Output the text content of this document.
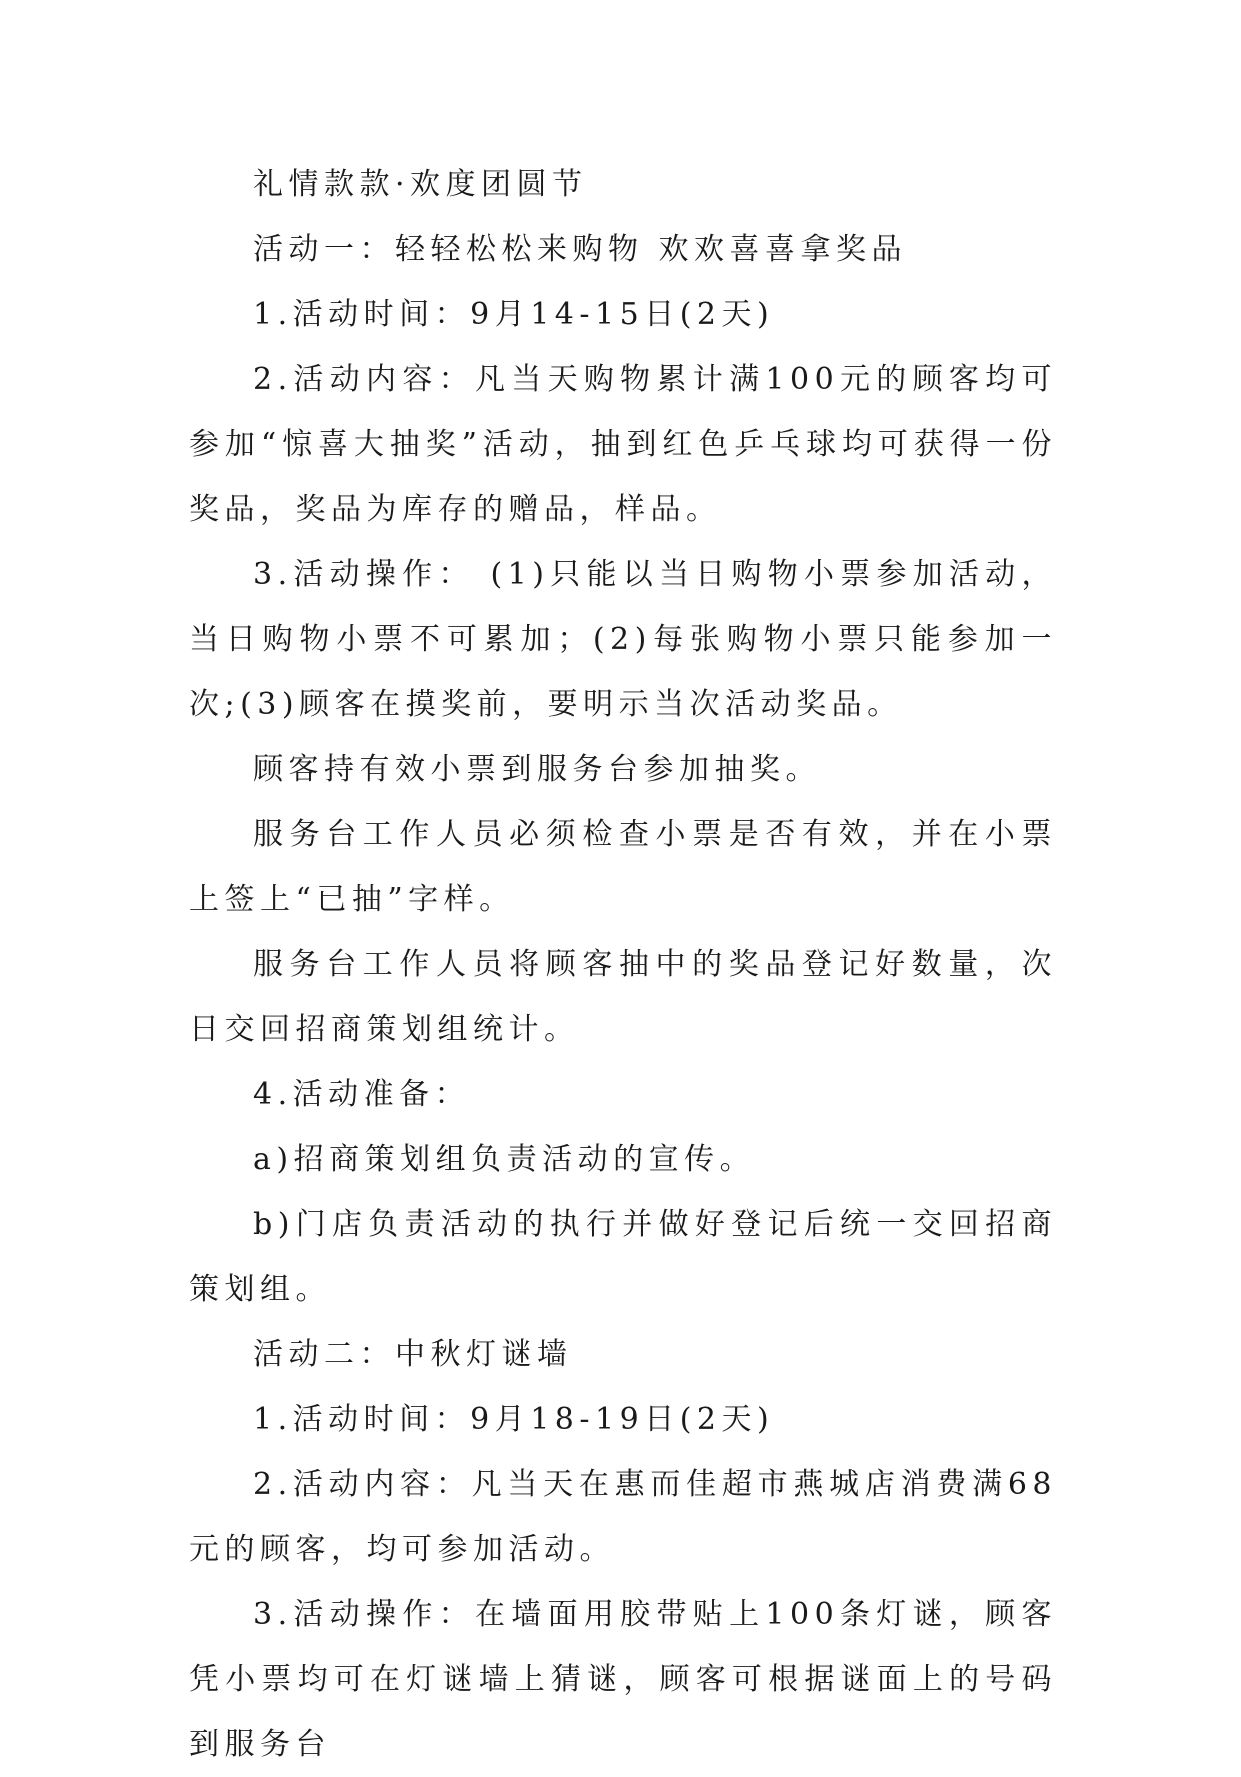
礼情款款·欢度团圆节

活动一：轻轻松松来购物 欢欢喜喜拿奖品

1.活动时间：9月14-15日(2天)

2.活动内容：凡当天购物累计满100元的顾客均可参加“惊喜大抽奖”活动，抽到红色乒乓球均可获得一份奖品，奖品为库存的赠品，样品。

3.活动操作： (1)只能以当日购物小票参加活动，当日购物小票不可累加；(2)每张购物小票只能参加一次;(3)顾客在摸奖前，要明示当次活动奖品。

顾客持有效小票到服务台参加抽奖。

服务台工作人员必须检查小票是否有效，并在小票上签上“已抽”字样。

服务台工作人员将顾客抽中的奖品登记好数量，次日交回招商策划组统计。

4.活动准备：

a)招商策划组负责活动的宣传。

b)门店负责活动的执行并做好登记后统一交回招商策划组。

活动二：中秋灯谜墙

1.活动时间：9月18-19日(2天)

2.活动内容：凡当天在惠而佳超市燕城店消费满68元的顾客，均可参加活动。

3.活动操作：在墙面用胶带贴上100条灯谜，顾客凭小票均可在灯谜墙上猜谜，顾客可根据谜面上的号码到服务台
